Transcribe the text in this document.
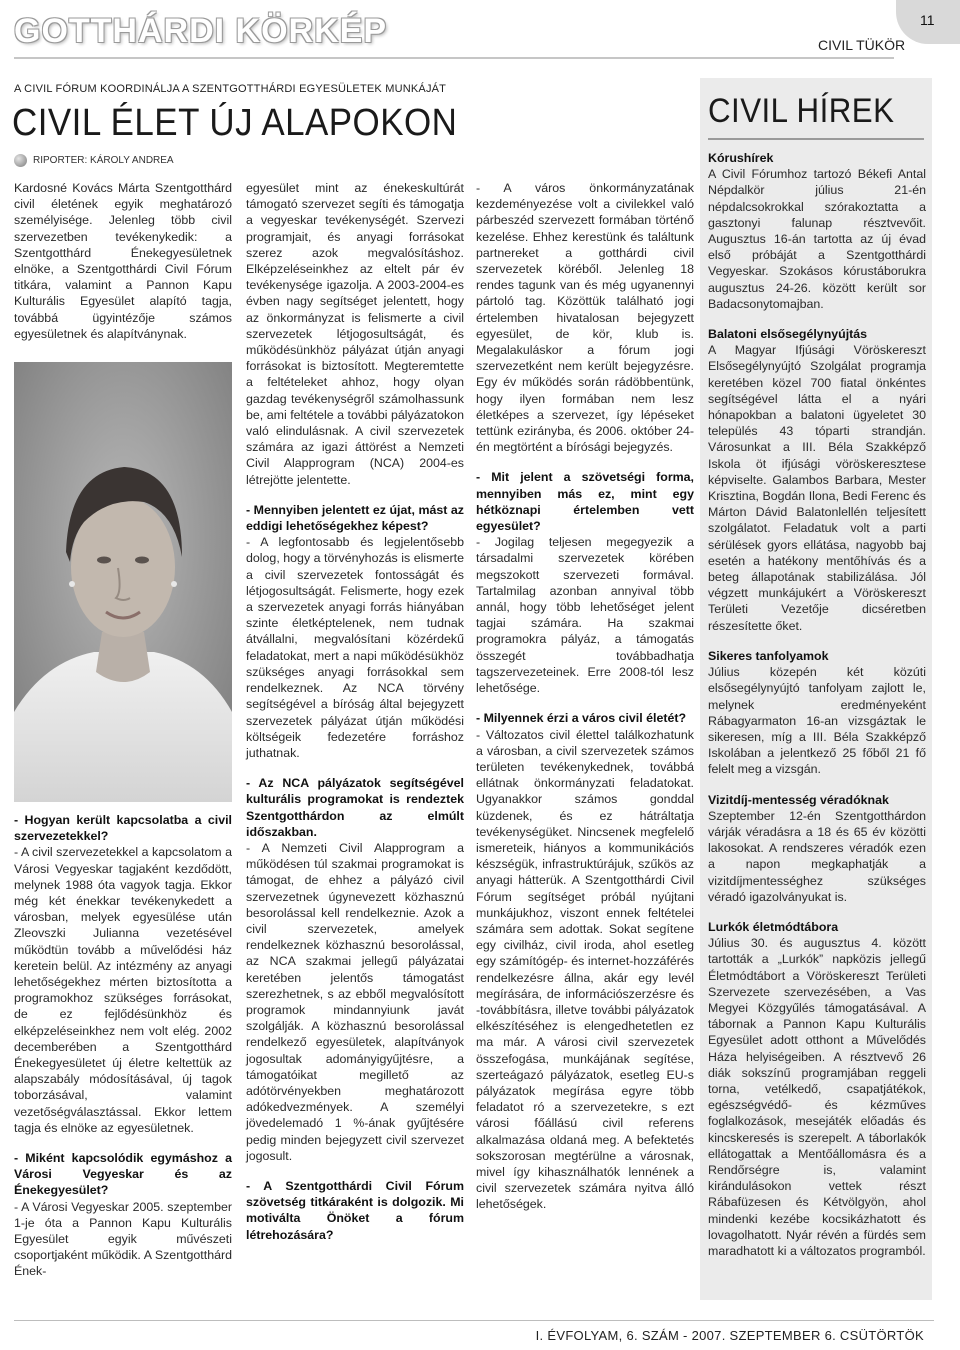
GOTTHÁRDI KÖRKÉP	CIVIL TÜKÖR
11
A CIVIL FÓRUM KOORDINÁLJA A SZENTGOTTHÁRDI EGYESÜLETEK MUNKÁJÁT
CIVIL ÉLET ÚJ ALAPOKON
RIPORTER: KÁROLY ANDREA

Kardosné Kovács Márta Szentgotthárd civil életének egyik meghatározó személyisége. Jelenleg több civil szervezetben tevékenykedik: a Szentgotthárd Énekegyesületnek elnöke, a Szentgotthárdi Civil Fórum titkára, valamint a Pannon Kapu Kulturális Egyesület alapító tagja, továbbá ügyintézője számos egyesületnek és alapítványnak.

- Hogyan került kapcsolatba a civil szervezetekkel?
- A civil szervezetekkel a kapcsolatom a Városi Vegyeskar tagjaként kezdődött, melynek 1988 óta vagyok tagja. Ekkor még két énekkar tevékenykedett a városban, melyek egyesülése után Zleovszki Julianna vezetésével működtün tovább a művelődési ház keretein belül. Az intézmény az anyagi lehetőségekhez mérten biztosította a programokhoz szükséges forrásokat, de ez fejlődésünkhöz és elképzeléseinkhez nem volt elég. 2002 decemberében a Szentgotthárd Énekegyesületet új életre keltettük az alapszabály módosításával, új tagok toborzásával, valamint vezetőségválasztással. Ekkor lettem tagja és elnöke az egyesületnek.

- Miként kapcsolódik egymáshoz a Városi Vegyeskar és az Énekegyesület?
- A Városi Vegyeskar 2005. szeptember 1-je óta a Pannon Kapu Kulturális Egyesület egyik művészeti csoportjaként működik. A Szentgotthárd Ének-

egyesület mint az énekeskultúrát támogató szervezet segíti és támogatja a vegyeskar tevékenységét. Szervezi programjait, és anyagi forrásokat szerez azok megvalósításhoz. Elképzeléseinkhez az eltelt pár év tevékenysége igazolja. A 2003-2004-es évben nagy segítséget jelentett, hogy az önkormányzat is felismerte a civil szervezetek létjogosultságát, és működésünkhöz pályázat útján anyagi forrásokat is biztosított. Megteremtette a feltételeket ahhoz, hogy olyan gazdag tevékenységről számolhassunk be, ami feltétele a további pályázatokon való elindulásnak. A civil szervezetek számára az igazi áttörést a Nemzeti Civil Alapprogram (NCA) 2004-es létrejötte jelentette.

- Mennyiben jelentett ez újat, mást az eddigi lehetőségekhez képest?
- A legfontosabb és legjelentősebb dolog, hogy a törvényhozás is elismerte a civil szervezetek fontosságát és létjogosultságát. Felismerte, hogy ezek a szervezetek anyagi forrás hiányában szinte életképtelenek, nem tudnak átvállalni, megvalósítani közérdekű feladatokat, mert a napi működésükhöz szükséges anyagi forrásokkal sem rendelkeznek. Az NCA törvény segítségével a bíróság által bejegyzett szervezetek pályázat útján működési költségeik fedezetére forráshoz juthatnak.

- Az NCA pályázatok segítségével kulturális programokat is rendeztek Szentgotthárdon az elmúlt időszakban.
- A Nemzeti Civil Alapprogram a működésen túl szakmai programokat is támogat, de ehhez a pályázó civil szervezetnek úgynevezett közhasznú besorolással kell rendelkeznie. Azok a civil szervezetek, amelyek rendelkeznek közhasznú besorolással, az NCA szakmai jellegű pályázatai keretében jelentős támogatást szerezhetnek, s az ebből megvalósított programok mindannyiunk javát szolgálják. A közhasznú besorolással rendelkező egyesületek, alapítványok jogosultak adományigyűjtésre, a támogatóikat megillető az adótörvényekben meghatározott adókedvezmények. A személyi jövedelemadó 1 %-ának gyűjtésére pedig minden bejegyzett civil szervezet jogosult.

- A Szentgotthárdi Civil Fórum szövetség titkáraként is dolgozik. Mi motiválta Önöket a fórum létrehozására?

- A város önkormányzatának kezdeményezése volt a civilekkel való párbeszéd szervezett formában történő kezelése. Ehhez kerestünk és találtunk partnereket a gotthárdi civil szervezetek köréből. Jelenleg 18 rendes tagunk van és még ugyanennyi pártoló tag. Közöttük található jogi értelemben hivatalosan bejegyzett egyesület, de kör, klub is. Megalakuláskor a fórum jogi szervezetként nem került bejegyzésre. Egy év működés során rádöbbentünk, hogy ilyen formában nem lesz életképes a szervezet, így lépéseket tettünk ezirányba, és 2006. október 24-én megtörtént a bírósági bejegyzés.

- Mit jelent a szövetségi forma, mennyiben más ez, mint egy hétköznapi értelemben vett egyesület?
- Jogilag teljesen megegyezik a társadalmi szervezetek körében megszokott szervezeti formával. Tartalmilag azonban annyival több annál, hogy több lehetőséget jelent tagjai számára. Ha szakmai programokra pályáz, a támogatás összegét továbbadhatja tagszervezeteinek. Erre 2008-tól lesz lehetősége.

- Milyennek érzi a város civil életét?
- Változatos civil élettel találkozhatunk a városban, a civil szervezetek számos területen tevékenykednek, továbbá ellátnak önkormányzati feladatokat. Ugyanakkor számos gonddal küzdenek, és ez hátráltatja tevékenységüket. Nincsenek megfelelő ismereteik, hiányos a kommunikációs készségük, infrastruktúrájuk, szűkös az anyagi hátterük. A Szentgotthárdi Civil Fórum segítséget próbál nyújtani munkájukhoz, viszont ennek feltételei számára sem adottak. Sokat segítene egy civilház, civil iroda, ahol esetleg egy számítógép- és internet-hozzáférés rendelkezésre állna, akár egy levél megírására, de információszerzésre és -továbbításra, illetve további pályázatok elkészítéséhez is elengedhetetlen ez ma már. A városi civil szervezetek összefogása, munkájának segítése, szerteágazó pályázatok, esetleg EU-s pályázatok megírása egyre több feladatot ró a szervezetekre, s ezt városi főállású civil referens alkalmazása oldaná meg. A befektetés sokszorosan megtérülne a városnak, mivel így kihasználhatók lennének a civil szervezetek számára nyitva álló lehetőségek.

CIVIL HÍREK
Kórushírek
A Civil Fórumhoz tartozó Békefi Antal Népdalkör július 21-én népdalcsokrokkal szórakoztatta a gasztonyi falunap résztvevőit. Augusztus 16-án tartotta az új évad első próbáját a Szentgotthárdi Vegyeskar. Szokásos kórustáborukra augusztus 24-26. között került sor Badacsonytomajban.
Balatoni elsősegélynyújtás
A Magyar Ifjúsági Vöröskereszt Elsősegélynyújtó Szolgálat programja keretében közel 700 fiatal önkéntes segítségével látta el a nyári hónapokban a balatoni ügyeletet 30 település 43 tóparti strandján. Városunkat a III. Béla Szakképző Iskola öt ifjúsági vöröskeresztese képviselte. Galambos Barbara, Mester Krisztina, Bogdán Ilona, Bedi Ferenc és Márton Dávid Balatonlellén teljesített szolgálatot. Feladatuk volt a parti sérülések gyors ellátása, nagyobb baj esetén a hatékony mentőhívás és a beteg állapotának stabilizálása. Jól végzett munkájukért a Vöröskereszt Területi Vezetője dicséretben részesítette őket.
Sikeres tanfolyamok
Július közepén két közúti elsősegélynyújtó tanfolyam zajlott le, melynek eredményeként Rábagyarmaton 16-an vizsgáztak le sikeresen, míg a III. Béla Szakképző Iskolában a jelentkező 25 főből 21 fő felelt meg a vizsgán.
Vizitdíj-mentesség véradóknak
Szeptember 12-én Szentgotthárdon várják véradásra a 18 és 65 év közötti lakosokat. A rendszeres véradók ezen a napon megkaphatják a vizitdíjmentességhez szükséges véradó igazolványukat is.
Lurkók életmódtábora
Július 30. és augusztus 4. között tartották a „Lurkók” napközis jellegű Életmódtábort a Vöröskereszt Területi Szervezete szervezésében, a Vas Megyei Közgyűlés támogatásával. A tábornak a Pannon Kapu Kulturális Egyesület adott otthont a Művelődés Háza helyiségeiben. A résztvevő 26 diák sokszínű programjában reggeli torna, vetélkedő, csapatjátékok, egészségvédő- és kézműves foglalkozások, mesejáték előadás és kincskeresés is szerepelt. A táborlakók ellátogattak a Mentőállomásra és a Rendőrségre is, valamint kirándulásokon vettek részt Rábafüzesen és Kétvölgyön, ahol mindenki kezébe kocsikázhatott és lovagolhatott. Nyár révén a fürdés sem maradhatott ki a változatos programból.
I. ÉVFOLYAM, 6. SZÁM - 2007. SZEPTEMBER 6. CSÜTÖRTÖK
